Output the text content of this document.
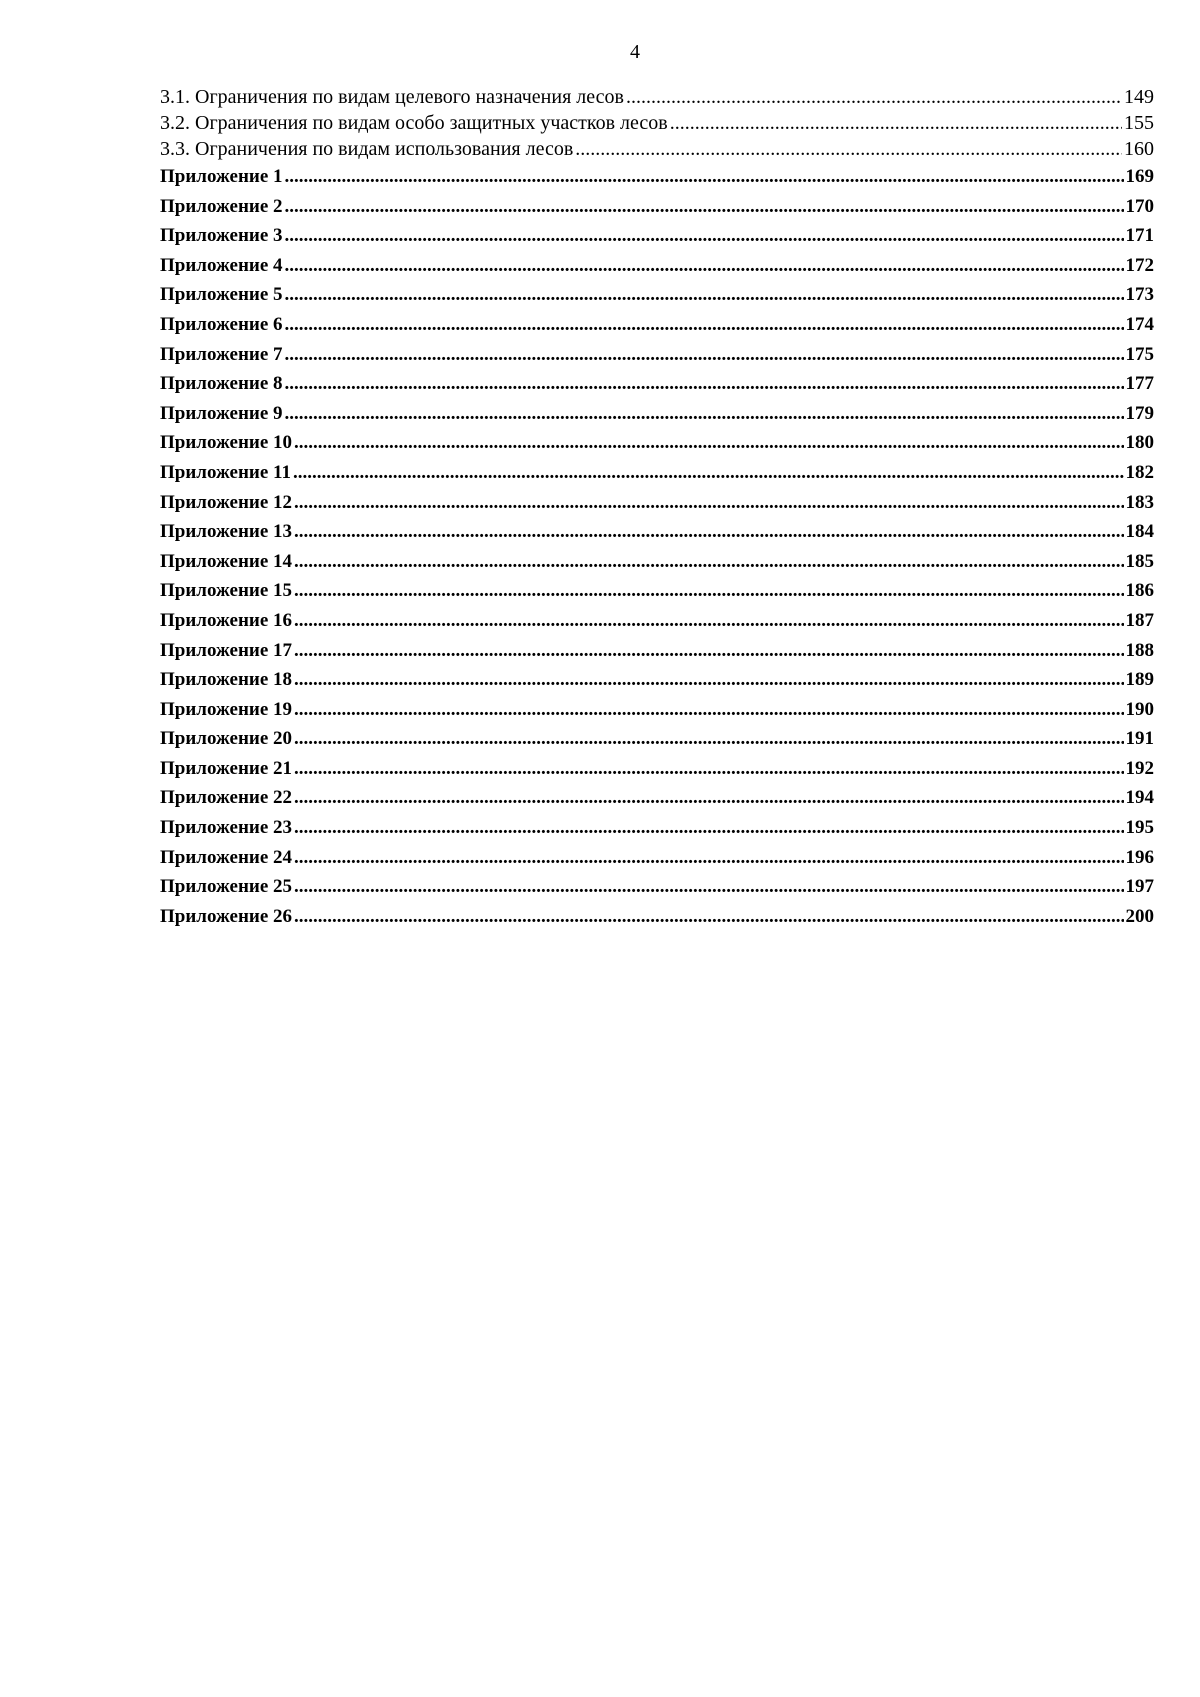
4
3.1. Ограничения по видам целевого назначения лесов .....	149
3.2. Ограничения по видам особо защитных участков лесов .....	155
3.3. Ограничения по видам использования лесов .....	160
Приложение 1 .....	169
Приложение 2 .....	170
Приложение 3 .....	171
Приложение 4 .....	172
Приложение 5 .....	173
Приложение 6 .....	174
Приложение 7 .....	175
Приложение 8 .....	177
Приложение 9 .....	179
Приложение 10 .....	180
Приложение 11 .....	182
Приложение 12 .....	183
Приложение 13 .....	184
Приложение 14 .....	185
Приложение 15 .....	186
Приложение 16 .....	187
Приложение 17 .....	188
Приложение 18 .....	189
Приложение 19 .....	190
Приложение 20 .....	191
Приложение 21 .....	192
Приложение 22 .....	194
Приложение 23 .....	195
Приложение 24 .....	196
Приложение 25 .....	197
Приложение 26 .....	200
